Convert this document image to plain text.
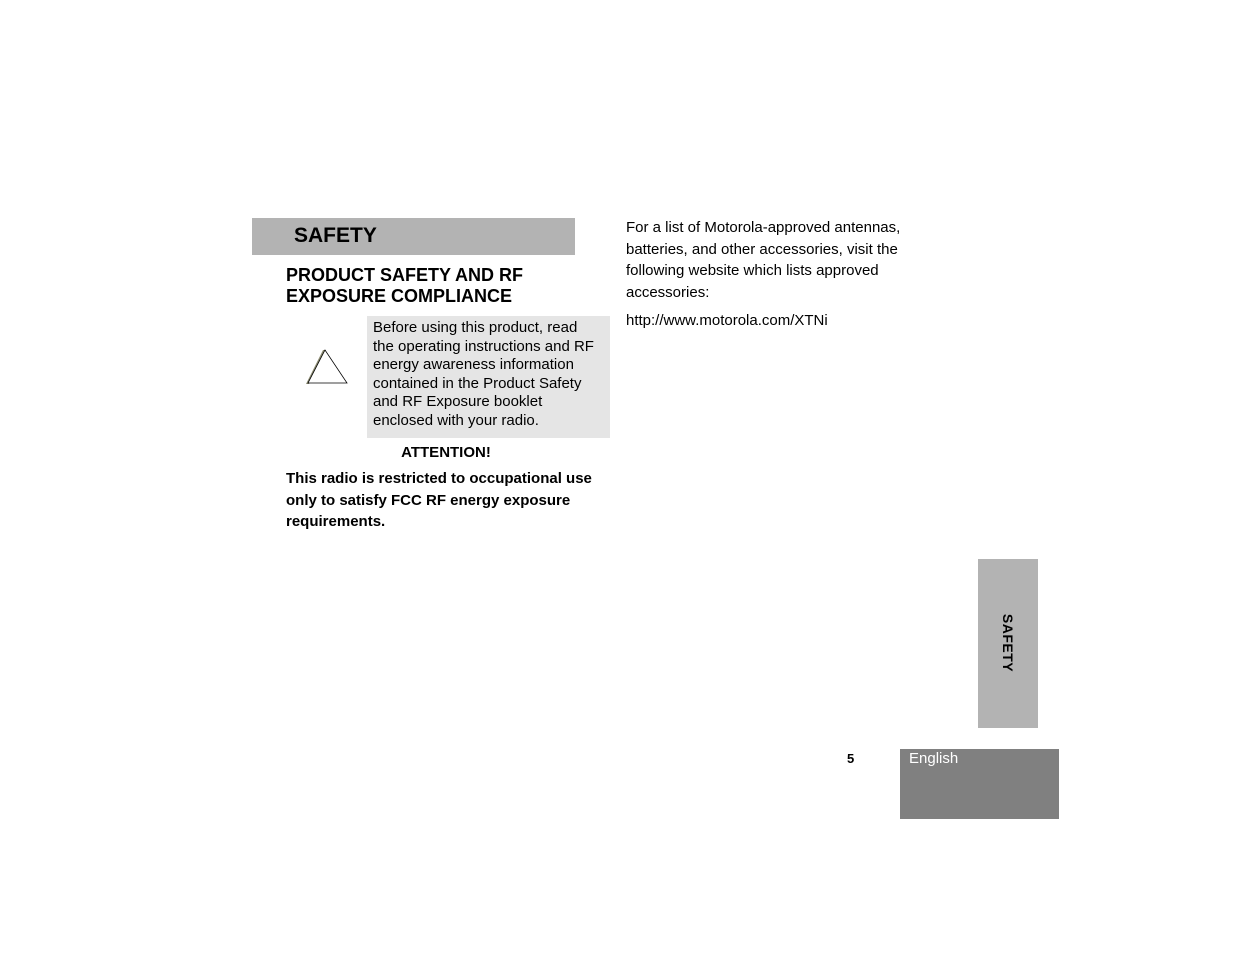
SAFETY
PRODUCT SAFETY AND RF EXPOSURE COMPLIANCE
Before using this product, read
the operating instructions and RF
energy awareness information
contained in the Product Safety
and RF Exposure booklet
enclosed with your radio.
ATTENTION!
This radio is restricted to occupational use
only to satisfy FCC RF energy exposure
requirements.
For a list of Motorola-approved antennas,
batteries, and other accessories, visit the
following website which lists approved
accessories:
http://www.motorola.com/XTNi
SAFETY
5	English
